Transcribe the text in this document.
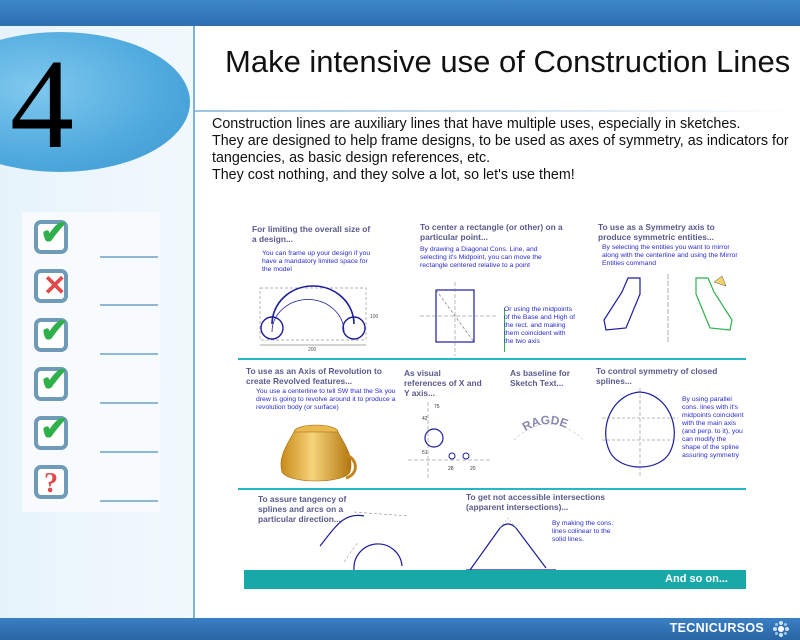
4
✔
✕
✔
✔
✔
?
Make intensive use of Construction Lines

Construction lines are auxiliary lines that have multiple uses, especially in sketches.

They are designed to help frame designs, to be used as axes of symmetry, as indicators for tangencies, as basic design references, etc.

They cost nothing, and they solve a lot, so let's use them!

For limiting the overall size of a design...
You can frame up your design if you have a mandatory limited space for the model
200
100
To center a rectangle (or other) on a particular point...
By drawing a Diagonal Cons. Line, and selecting it's Midpoint, you can move the rectangle centered relative to a point
Or using the midpoints of the Base and High of the rect. and making them coincident with the two axis
To use as a Symmetry axis to produce symmetric entities...
By selecting the entities you want to mirror along with the centerline and using the Mirror Entities command
To use as an Axis of Revolution to create Revolved features...
You use a centerline to tell SW that the Sk you drew is going to revolve around it to produce a revolution body (or surface)
As visual references of X and Y axis...
75
42
51
28	20
As baseline for Sketch Text...
RAGDE
To control symmetry of closed splines...
By using parallel cons. lines with it's midpoints coincident with the main axis (and perp. to it), you can modify the shape of the spline assuring symmetry
To assure tangency of splines and arcs on a particular direction...
To get not accessible intersections (apparent intersections)...
By making the cons. lines colinear to the solid lines.
And so on...
TECNICURSOS
